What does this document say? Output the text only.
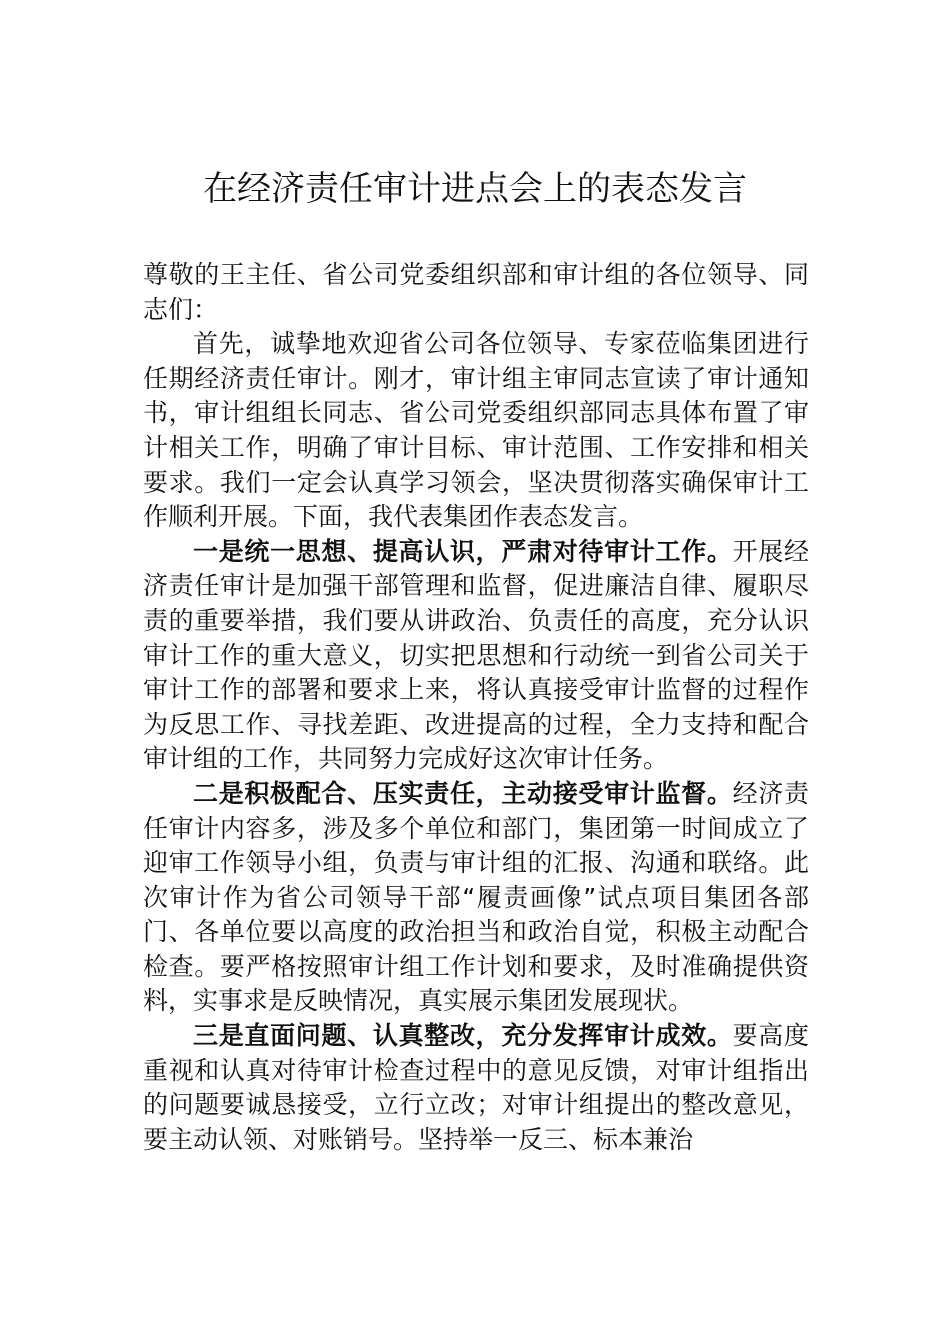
在经济责任审计进点会上的表态发言

尊敬的王主任、省公司党委组织部和审计组的各位领导、同志们：

首先，诚挚地欢迎省公司各位领导、专家莅临集团进行任期经济责任审计。刚才，审计组主审同志宣读了审计通知书，审计组组长同志、省公司党委组织部同志具体布置了审计相关工作，明确了审计目标、审计范围、工作安排和相关要求。我们一定会认真学习领会，坚决贯彻落实确保审计工作顺利开展。下面，我代表集团作表态发言。

一是统一思想、提高认识，严肃对待审计工作。开展经济责任审计是加强干部管理和监督，促进廉洁自律、履职尽责的重要举措，我们要从讲政治、负责任的高度，充分认识审计工作的重大意义，切实把思想和行动统一到省公司关于审计工作的部署和要求上来，将认真接受审计监督的过程作为反思工作、寻找差距、改进提高的过程，全力支持和配合审计组的工作，共同努力完成好这次审计任务。

二是积极配合、压实责任，主动接受审计监督。经济责任审计内容多，涉及多个单位和部门，集团第一时间成立了迎审工作领导小组，负责与审计组的汇报、沟通和联络。此次审计作为省公司领导干部“履责画像”试点项目集团各部门、各单位要以高度的政治担当和政治自觉，积极主动配合检查。要严格按照审计组工作计划和要求，及时准确提供资料，实事求是反映情况，真实展示集团发展现状。

三是直面问题、认真整改，充分发挥审计成效。要高度重视和认真对待审计检查过程中的意见反馈，对审计组指出的问题要诚恳接受，立行立改；对审计组提出的整改意见，要主动认领、对账销号。坚持举一反三、标本兼治
